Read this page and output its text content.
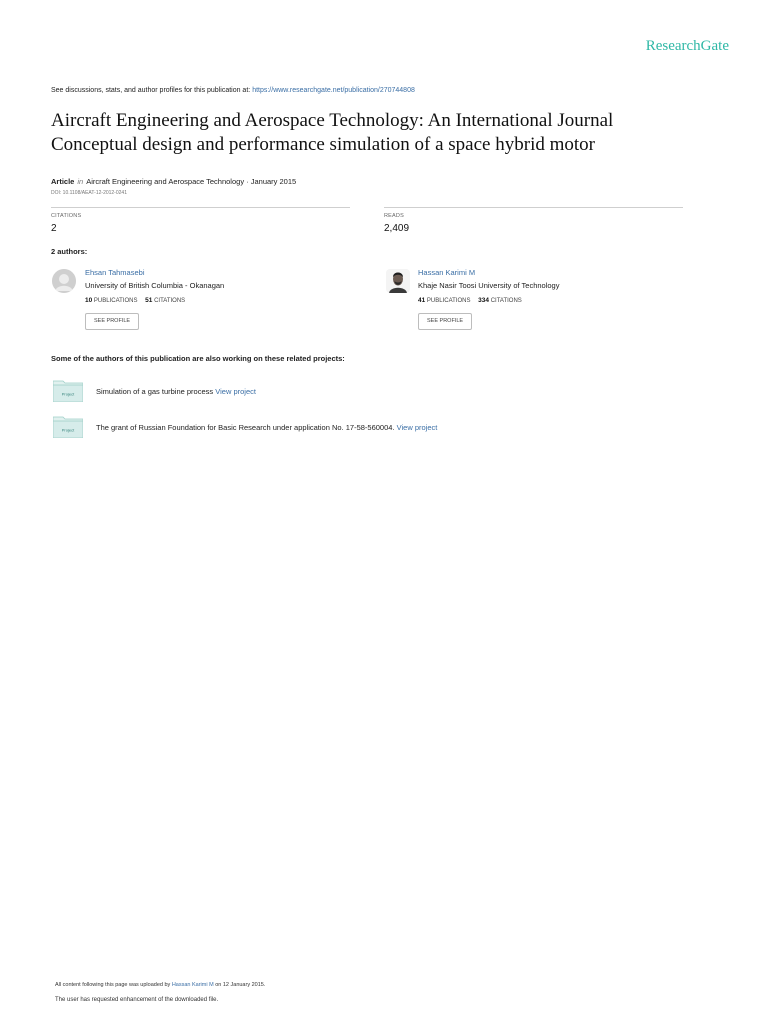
ResearchGate
See discussions, stats, and author profiles for this publication at: https://www.researchgate.net/publication/270744808
Aircraft Engineering and Aerospace Technology: An International Journal
Conceptual design and performance simulation of a space hybrid motor
Article in Aircraft Engineering and Aerospace Technology · January 2015
DOI: 10.1108/AEAT-12-2012-0241
CITATIONS
2
READS
2,409
2 authors:
Ehsan Tahmasebi
University of British Columbia - Okanagan
10 PUBLICATIONS 51 CITATIONS
SEE PROFILE
Hassan Karimi M
Khaje Nasir Toosi University of Technology
41 PUBLICATIONS 334 CITATIONS
SEE PROFILE
Some of the authors of this publication are also working on these related projects:
Project	Simulation of a gas turbine process View project
Project	The grant of Russian Foundation for Basic Research under application No. 17-58-560004. View project
All content following this page was uploaded by Hassan Karimi M on 12 January 2015.
The user has requested enhancement of the downloaded file.
